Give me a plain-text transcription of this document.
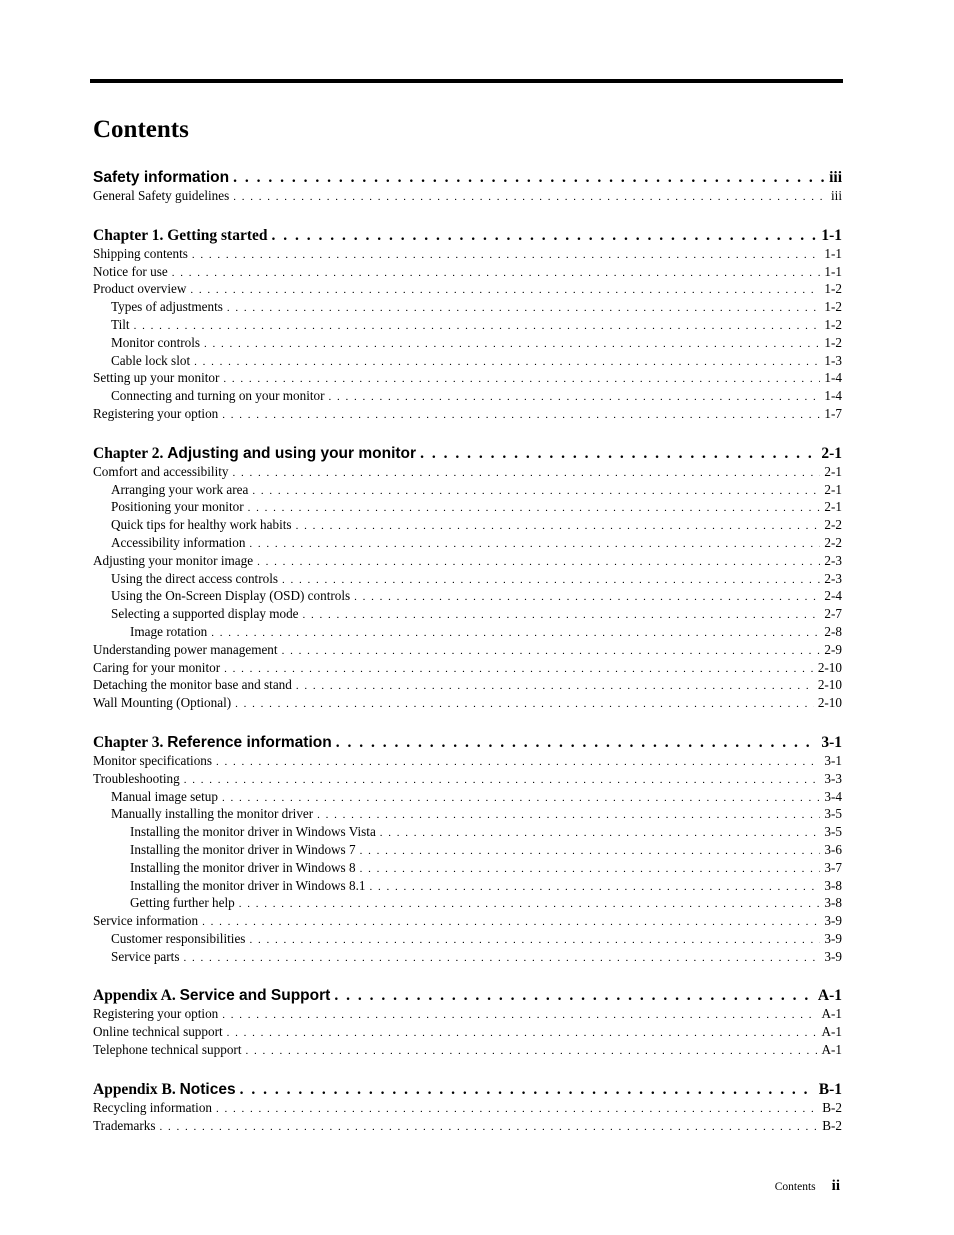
Contents
Safety information . . .	iii
General Safety guidelines . . .	iii
Chapter 1. Getting started . . .	1-1
Shipping contents . . .	1-1
Notice for use . . .	1-1
Product overview . . .	1-2
Types of adjustments . . .	1-2
Tilt . . .	1-2
Monitor controls . . .	1-2
Cable lock slot . . .	1-3
Setting up your monitor . . .	1-4
Connecting and turning on your monitor . . .	1-4
Registering your option . . .	1-7
Chapter 2. Adjusting and using your monitor . . .	2-1
Comfort and accessibility . . .	2-1
Arranging your work area . . .	2-1
Positioning your monitor . . .	2-1
Quick tips for healthy work habits . . .	2-2
Accessibility information . . .	2-2
Adjusting your monitor image . . .	2-3
Using the direct access controls . . .	2-3
Using the On-Screen Display (OSD) controls . . .	2-4
Selecting a supported display mode . . .	2-7
Image rotation . . .	2-8
Understanding power management . . .	2-9
Caring for your monitor . . .	2-10
Detaching the monitor base and stand . . .	2-10
Wall Mounting (Optional) . . .	2-10
Chapter 3. Reference information . . .	3-1
Monitor specifications . . .	3-1
Troubleshooting . . .	3-3
Manual image setup . . .	3-4
Manually installing the monitor driver . . .	3-5
Installing the monitor driver in Windows Vista . . .	3-5
Installing the monitor driver in Windows 7 . . .	3-6
Installing the monitor driver in Windows 8 . . .	3-7
Installing the monitor driver in Windows 8.1 . . .	3-8
Getting further help . . .	3-8
Service information . . .	3-9
Customer responsibilities . . .	3-9
Service parts . . .	3-9
Appendix A. Service and Support . . .	A-1
Registering your option . . .	A-1
Online technical support . . .	A-1
Telephone technical support . . .	A-1
Appendix B. Notices . . .	B-1
Recycling information . . .	B-2
Trademarks . . .	B-2
Contents ii
